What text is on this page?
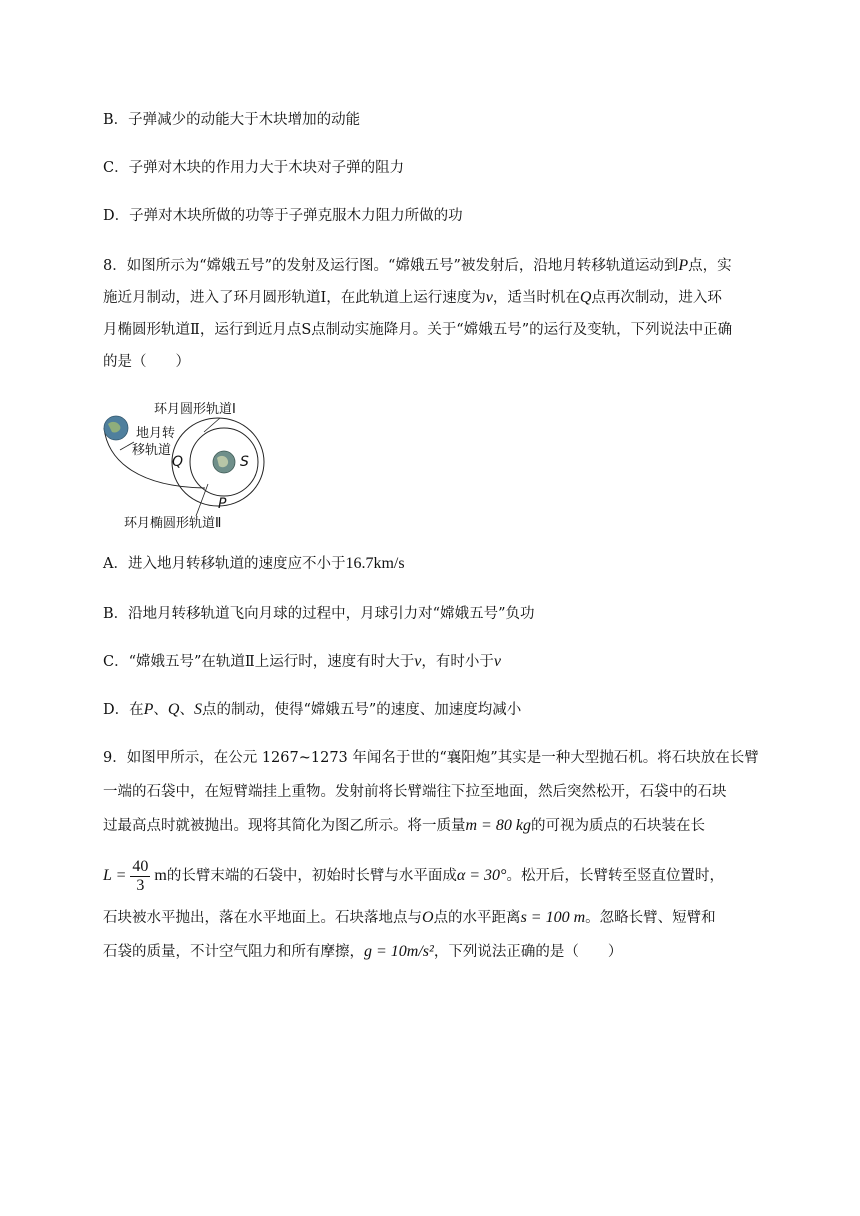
B．子弹减少的动能大于木块增加的动能
C．子弹对木块的作用力大于木块对子弹的阻力
D．子弹对木块所做的功等于子弹克服木力阻力所做的功
8．如图所示为“嫦娥五号”的发射及运行图。“嫦娥五号”被发射后，沿地月转移轨道运动到P点，实
施近月制动，进入了环月圆形轨道Ⅰ，在此轨道上运行速度为v，适当时机在Q点再次制动，进入环
月椭圆形轨道Ⅱ，运行到近月点S点制动实施降月。关于“嫦娥五号”的运行及变轨，下列说法中正确
的是（　　）
环月圆形轨道Ⅰ
地月转
移轨道
Q	S
P
环月椭圆形轨道Ⅱ
A．进入地月转移轨道的速度应不小于16.7km/s
B．沿地月转移轨道飞向月球的过程中，月球引力对“嫦娥五号”负功
C．“嫦娥五号”在轨道Ⅱ上运行时，速度有时大于v，有时小于v
D．在P、Q、S点的制动，使得“嫦娥五号”的速度、加速度均减小
9．如图甲所示，在公元 1267~1273 年闻名于世的“襄阳炮”其实是一种大型抛石机。将石块放在长臂
一端的石袋中，在短臂端挂上重物。发射前将长臂端往下拉至地面，然后突然松开，石袋中的石块
过最高点时就被抛出。现将其简化为图乙所示。将一质量m = 80 kg的可视为质点的石块装在长
$L = \frac{40}{3}$ m的长臂末端的石袋中，初始时长臂与水平面成α = 30°。松开后，长臂转至竖直位置时，
石块被水平抛出，落在水平地面上。石块落地点与O点的水平距离s = 100 m。忽略长臂、短臂和
石袋的质量，不计空气阻力和所有摩擦，g = 10m/s²，下列说法正确的是（　　）
